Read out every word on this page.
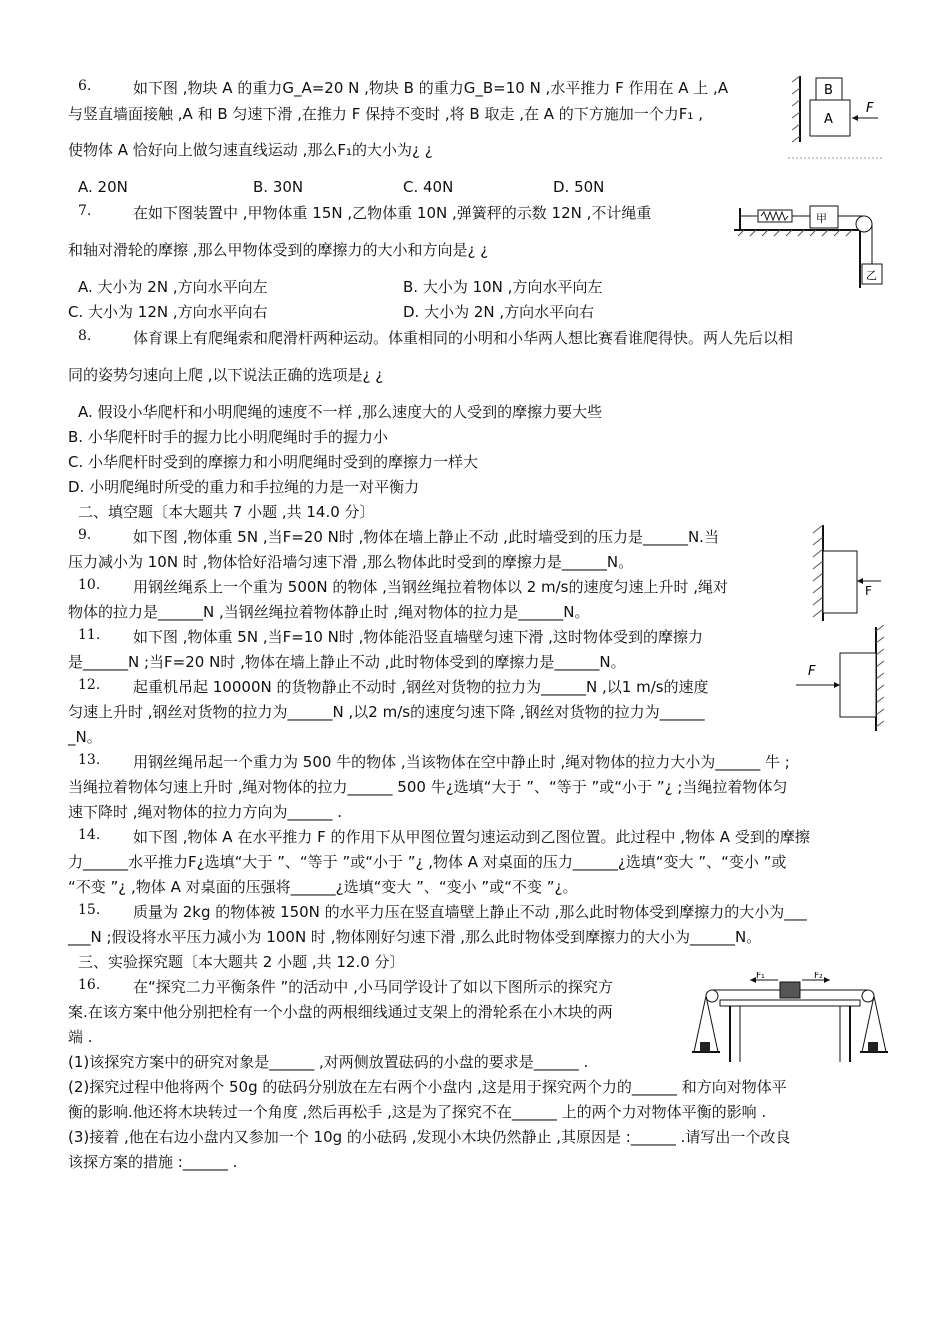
6.	如下图 ,物块 A 的重力G_A=20 N ,物块 B 的重力G_B=10 N ,水平推力 F 作用在 A 上 ,A
与竖直墙面接触 ,A 和 B 匀速下滑 ,在推力 F 保持不变时 ,将 B 取走 ,在 A 的下方施加一个力F₁ ,
使物体 A 恰好向上做匀速直线运动 ,那么F₁的大小为¿ ¿
A. 20N	B. 30N	C. 40N	D. 50N
B
A
F
7.	在如下图装置中 ,甲物体重 15N ,乙物体重 10N ,弹簧秤的示数 12N ,不计绳重
和轴对滑轮的摩擦 ,那么甲物体受到的摩擦力的大小和方向是¿ ¿
A. 大小为 2N ,方向水平向左	B. 大小为 10N ,方向水平向左
C. 大小为 12N ,方向水平向右	D. 大小为 2N ,方向水平向右
甲
乙
8.	体育课上有爬绳索和爬滑杆两种运动。体重相同的小明和小华两人想比赛看谁爬得快。两人先后以相
同的姿势匀速向上爬 ,以下说法正确的选项是¿ ¿
A. 假设小华爬杆和小明爬绳的速度不一样 ,那么速度大的人受到的摩擦力要大些
B. 小华爬杆时手的握力比小明爬绳时手的握力小
C. 小华爬杆时受到的摩擦力和小明爬绳时受到的摩擦力一样大
D. 小明爬绳时所受的重力和手拉绳的力是一对平衡力
二、填空题〔本大题共 7 小题 ,共 14.0 分〕
9.	如下图 ,物体重 5N ,当F=20 N时 ,物体在墙上静止不动 ,此时墙受到的压力是______N.当
压力减小为 10N 时 ,物体恰好沿墙匀速下滑 ,那么物体此时受到的摩擦力是______N。
F
10. 用钢丝绳系上一个重为 500N 的物体 ,当钢丝绳拉着物体以 2 m/s的速度匀速上升时 ,绳对
物体的拉力是______N ,当钢丝绳拉着物体静止时 ,绳对物体的拉力是______N。
11. 如下图 ,物体重 5N ,当F=10 N时 ,物体能沿竖直墙壁匀速下滑 ,这时物体受到的摩擦力
是______N ;当F=20 N时 ,物体在墙上静止不动 ,此时物体受到的摩擦力是______N。
F
12. 起重机吊起 10000N 的货物静止不动时 ,钢丝对货物的拉力为______N ,以1 m/s的速度
匀速上升时 ,钢丝对货物的拉力为______N ,以2 m/s的速度匀速下降 ,钢丝对货物的拉力为______
_N。
13. 用钢丝绳吊起一个重力为 500 牛的物体 ,当该物体在空中静止时 ,绳对物体的拉力大小为______ 牛 ;
当绳拉着物体匀速上升时 ,绳对物体的拉力______ 500 牛¿选填“大于 ”、“等于 ”或“小于 ”¿ ;当绳拉着物体匀
速下降时 ,绳对物体的拉力方向为______ .
14. 如下图 ,物体 A 在水平推力 F 的作用下从甲图位置匀速运动到乙图位置。此过程中 ,物体 A 受到的摩擦
力______水平推力F¿选填“大于 ”、“等于 ”或“小于 ”¿ ,物体 A 对桌面的压力______¿选填“变大 ”、“变小 ”或
“不变 ”¿ ,物体 A 对桌面的压强将______¿选填“变大 ”、“变小 ”或“不变 ”¿。
15. 质量为 2kg 的物体被 150N 的水平力压在竖直墙壁上静止不动 ,那么此时物体受到摩擦力的大小为___
___N ;假设将水平压力减小为 100N 时 ,物体刚好匀速下滑 ,那么此时物体受到摩擦力的大小为______N。
三、实验探究题〔本大题共 2 小题 ,共 12.0 分〕
16. 在“探究二力平衡条件 ”的活动中 ,小马同学设计了如以下图所示的探究方
案.在该方案中他分别把栓有一个小盘的两根细线通过支架上的滑轮系在小木块的两
端 .
(1)该探究方案中的研究对象是______ ,对两侧放置砝码的小盘的要求是______ .
(2)探究过程中他将两个 50g 的砝码分别放在左右两个小盘内 ,这是用于探究两个力的______ 和方向对物体平
衡的影响.他还将木块转过一个角度 ,然后再松手 ,这是为了探究不在______ 上的两个力对物体平衡的影响 .
(3)接着 ,他在右边小盘内又参加一个 10g 的小砝码 ,发现小木块仍然静止 ,其原因是 :______ .请写出一个改良
该探方案的措施 :______ .
F₁	F₂
